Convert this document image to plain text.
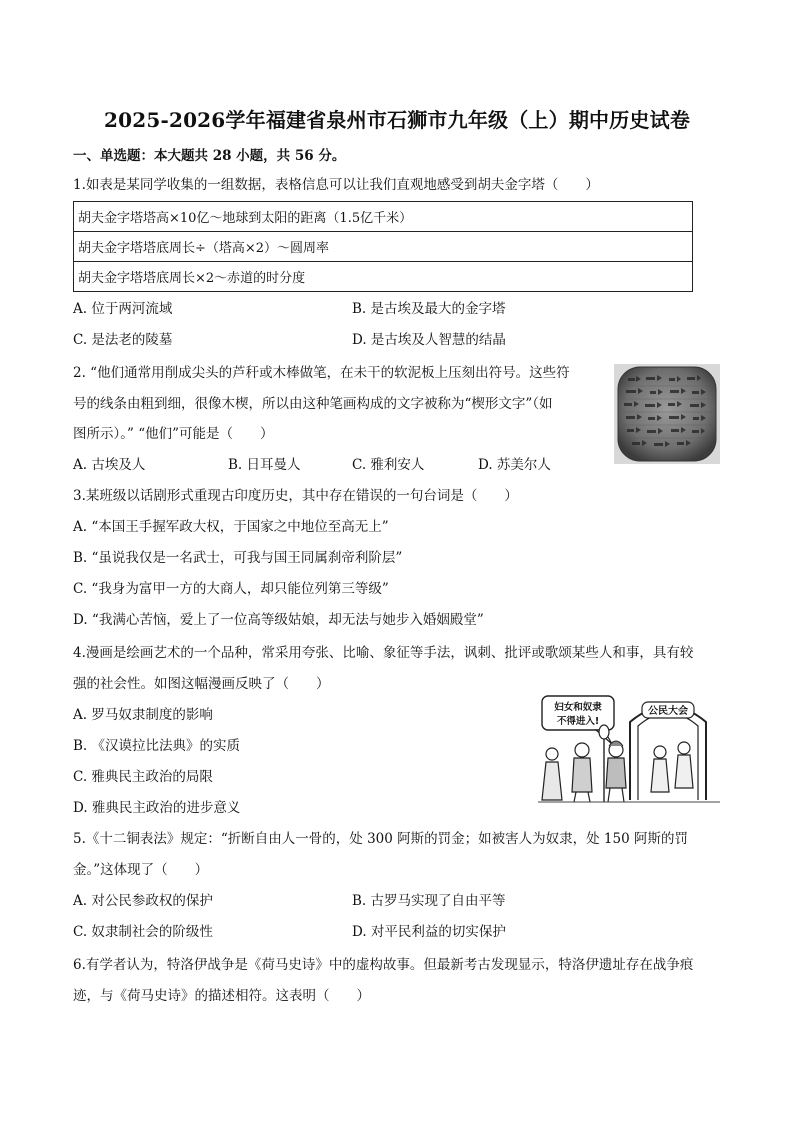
2025-2026学年福建省泉州市石狮市九年级（上）期中历史试卷
一、单选题：本大题共 28 小题，共 56 分。
1.如表是某同学收集的一组数据，表格信息可以让我们直观地感受到胡夫金字塔（　　）
胡夫金字塔塔高×10亿～地球到太阳的距离（1.5亿千米）
胡夫金字塔塔底周长÷（塔高×2）～圆周率
胡夫金字塔塔底周长×2～赤道的时分度
A. 位于两河流域	B. 是古埃及最大的金字塔
C. 是法老的陵墓	D. 是古埃及人智慧的结晶
2. “他们通常用削成尖头的芦秆或木棒做笔，在未干的软泥板上压刻出符号。这些符
号的线条由粗到细，很像木楔，所以由这种笔画构成的文字被称为“楔形文字”（如
图所示）。” “他们”可能是（　　）
A. 古埃及人	B. 日耳曼人	C. 雅利安人	D. 苏美尔人
3.某班级以话剧形式重现古印度历史，其中存在错误的一句台词是（　　）
A. “本国王手握军政大权，于国家之中地位至高无上”
B. “虽说我仅是一名武士，可我与国王同属刹帝利阶层”
C. “我身为富甲一方的大商人，却只能位列第三等级”
D. “我满心苦恼，爱上了一位高等级姑娘，却无法与她步入婚姻殿堂”
4.漫画是绘画艺术的一个品种，常采用夸张、比喻、象征等手法，讽刺、批评或歌颂某些人和事，具有较
强的社会性。如图这幅漫画反映了（　　）
A. 罗马奴隶制度的影响
B. 《汉谟拉比法典》的实质
C. 雅典民主政治的局限
D. 雅典民主政治的进步意义
公民大会
妇女和奴隶
不得进入!
5.《十二铜表法》规定：“折断自由人一骨的，处 300 阿斯的罚金；如被害人为奴隶，处 150 阿斯的罚
金。”这体现了（　　）
A. 对公民参政权的保护	B. 古罗马实现了自由平等
C. 奴隶制社会的阶级性	D. 对平民利益的切实保护
6.有学者认为，特洛伊战争是《荷马史诗》中的虚构故事。但最新考古发现显示，特洛伊遗址存在战争痕
迹，与《荷马史诗》的描述相符。这表明（　　）
